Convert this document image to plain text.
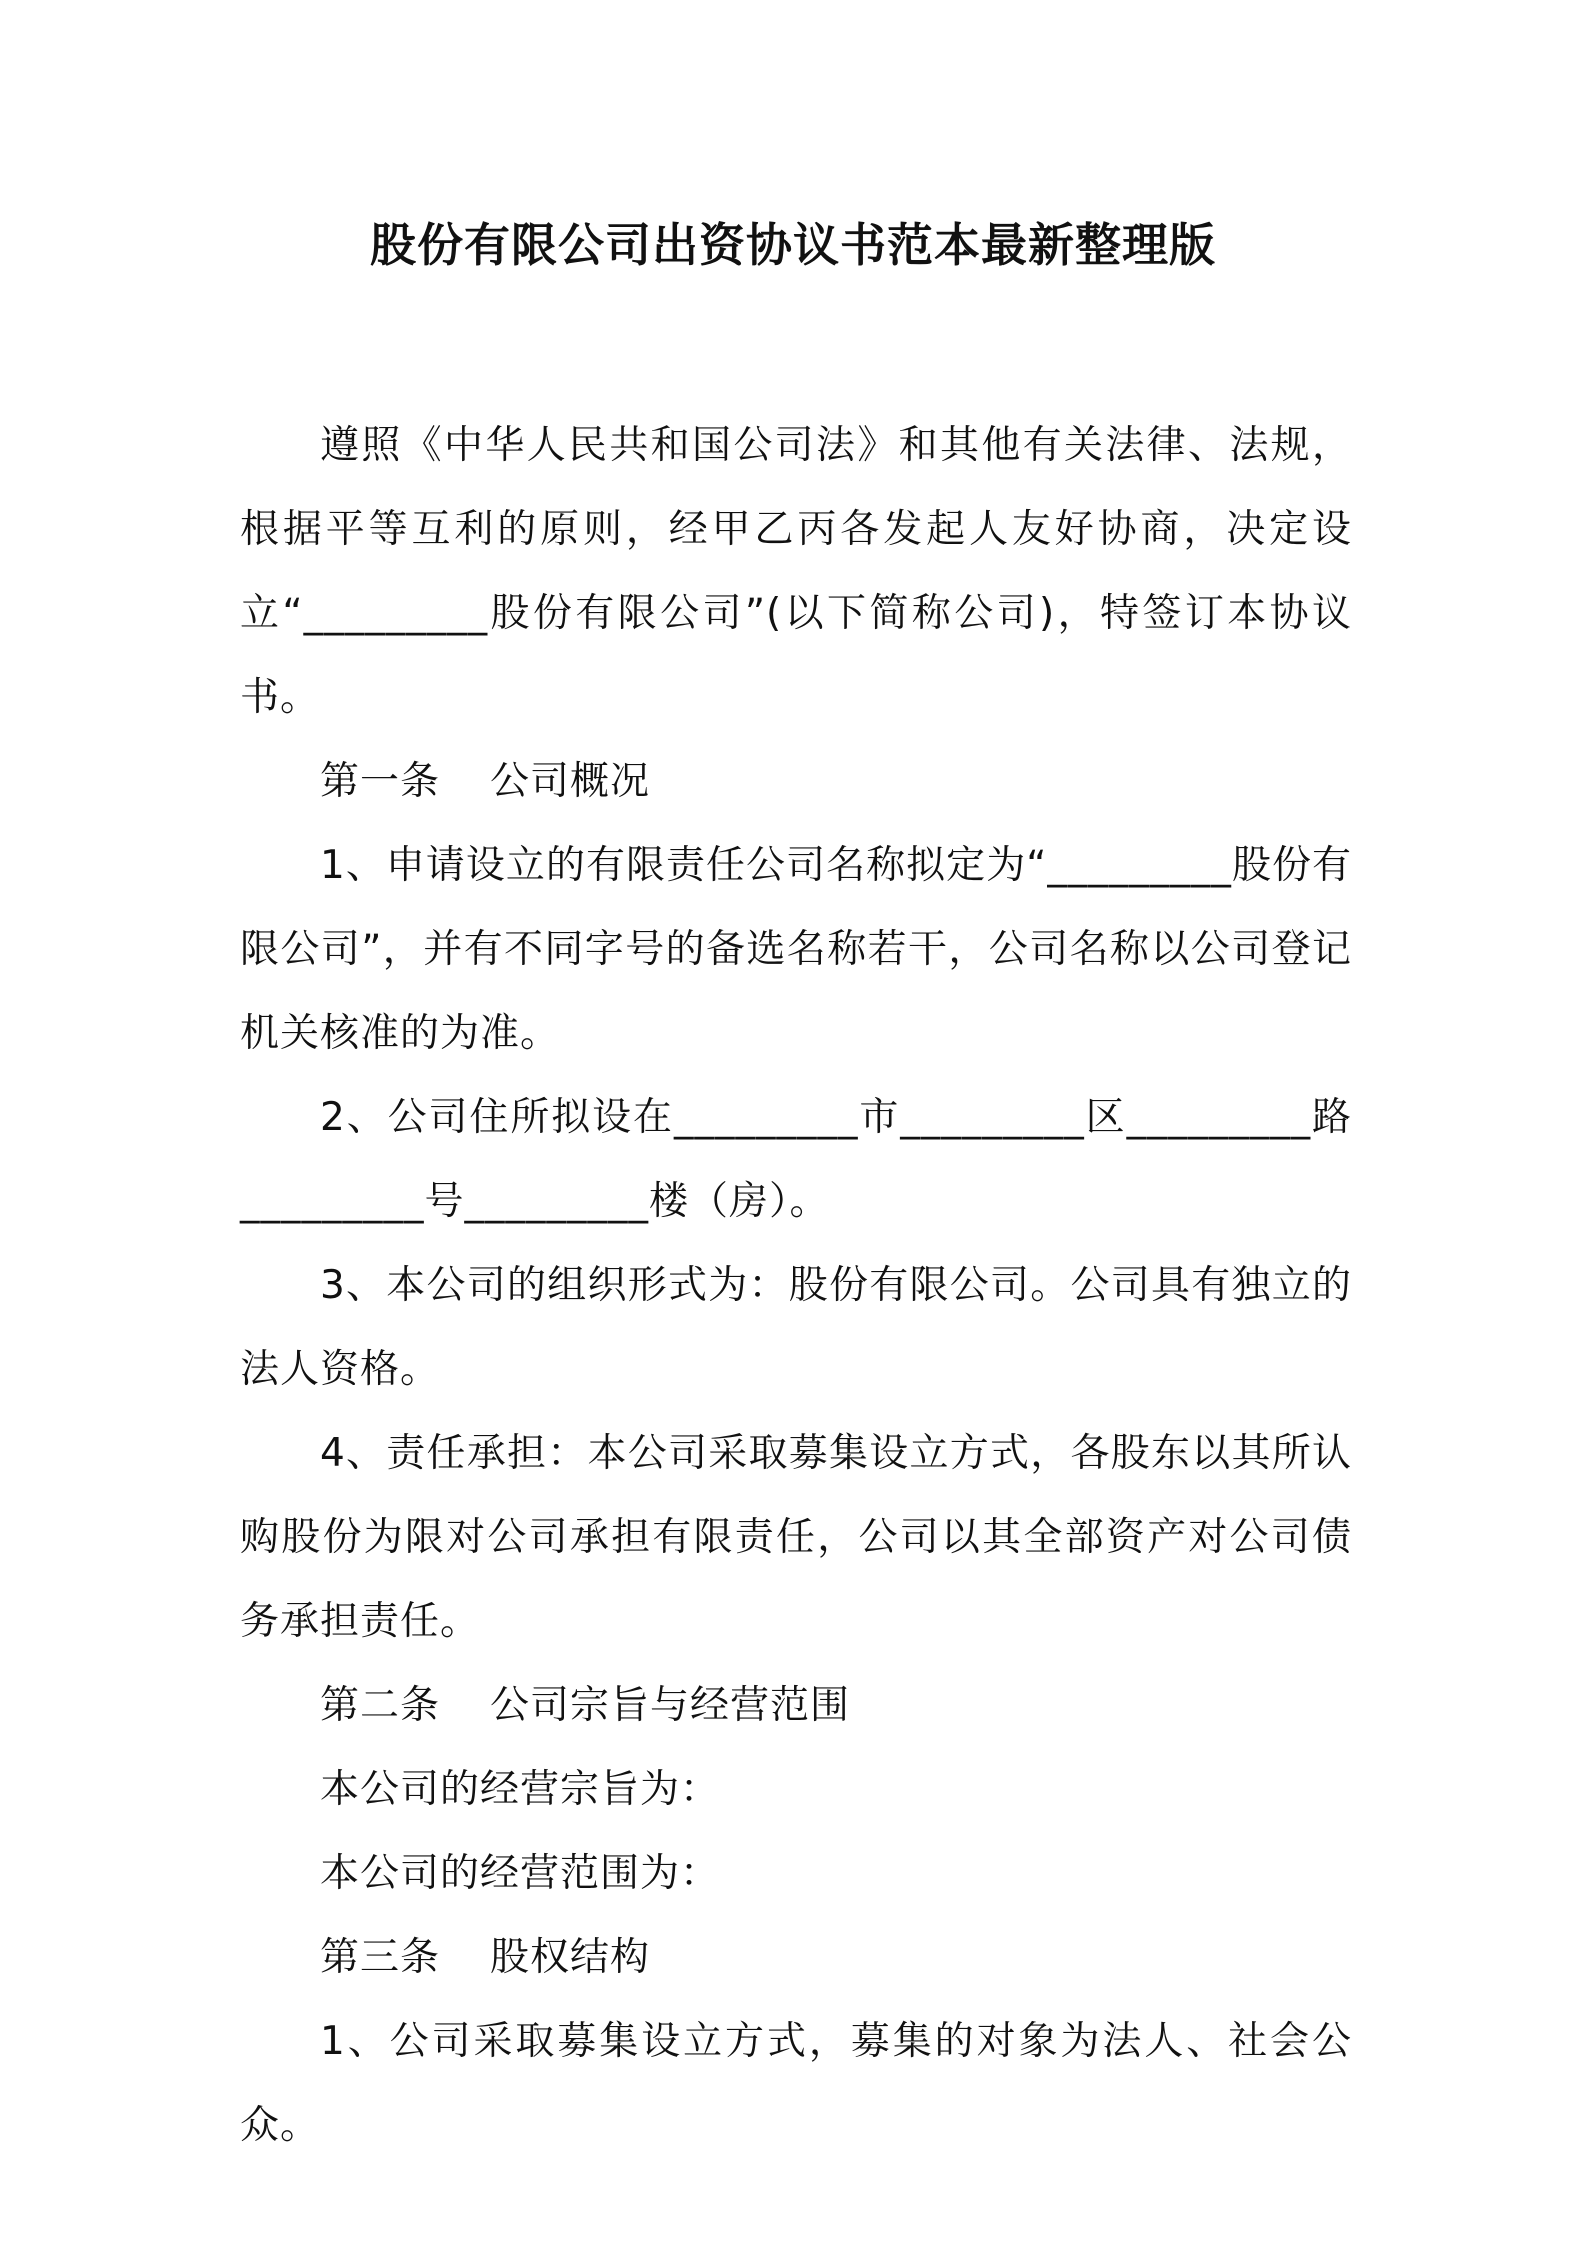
股份有限公司出资协议书范本最新整理版

遵照《中华人民共和国公司法》和其他有关法律、法规，根据平等互利的原则，经甲乙丙各发起人友好协商，决定设立“_________股份有限公司”(以下简称公司)，特签订本协议书。

第一条 公司概况

1、申请设立的有限责任公司名称拟定为“_________股份有限公司”，并有不同字号的备选名称若干，公司名称以公司登记机关核准的为准。

2、公司住所拟设在_________市_________区_________路_________号_________楼（房）。

3、本公司的组织形式为：股份有限公司。公司具有独立的法人资格。

4、责任承担：本公司采取募集设立方式，各股东以其所认购股份为限对公司承担有限责任，公司以其全部资产对公司债务承担责任。

第二条 公司宗旨与经营范围

本公司的经营宗旨为：

本公司的经营范围为：

第三条 股权结构

1、公司采取募集设立方式，募集的对象为法人、社会公众。
